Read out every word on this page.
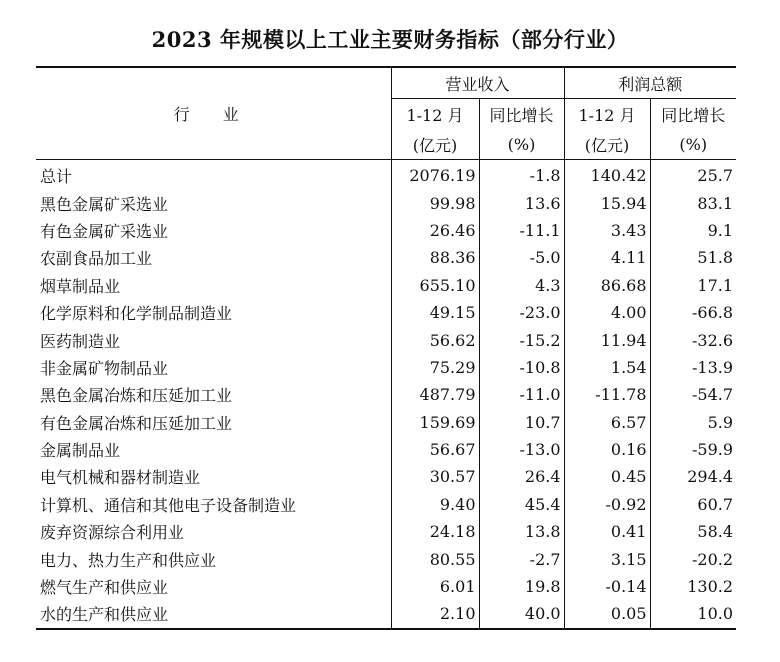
2023 年规模以上工业主要财务指标（部分行业）
行 业	营业收入		利润总额	
	1-12 月	同比增长	1-12 月	同比增长
	(亿元)	(%)	(亿元)	(%)
总计	2076.19	-1.8	140.42	25.7
黑色金属矿采选业	99.98	13.6	15.94	83.1
有色金属矿采选业	26.46	-11.1	3.43	9.1
农副食品加工业	88.36	-5.0	4.11	51.8
烟草制品业	655.10	4.3	86.68	17.1
化学原料和化学制品制造业	49.15	-23.0	4.00	-66.8
医药制造业	56.62	-15.2	11.94	-32.6
非金属矿物制品业	75.29	-10.8	1.54	-13.9
黑色金属冶炼和压延加工业	487.79	-11.0	-11.78	-54.7
有色金属冶炼和压延加工业	159.69	10.7	6.57	5.9
金属制品业	56.67	-13.0	0.16	-59.9
电气机械和器材制造业	30.57	26.4	0.45	294.4
计算机、通信和其他电子设备制造业	9.40	45.4	-0.92	60.7
废弃资源综合利用业	24.18	13.8	0.41	58.4
电力、热力生产和供应业	80.55	-2.7	3.15	-20.2
燃气生产和供应业	6.01	19.8	-0.14	130.2
水的生产和供应业	2.10	40.0	0.05	10.0
